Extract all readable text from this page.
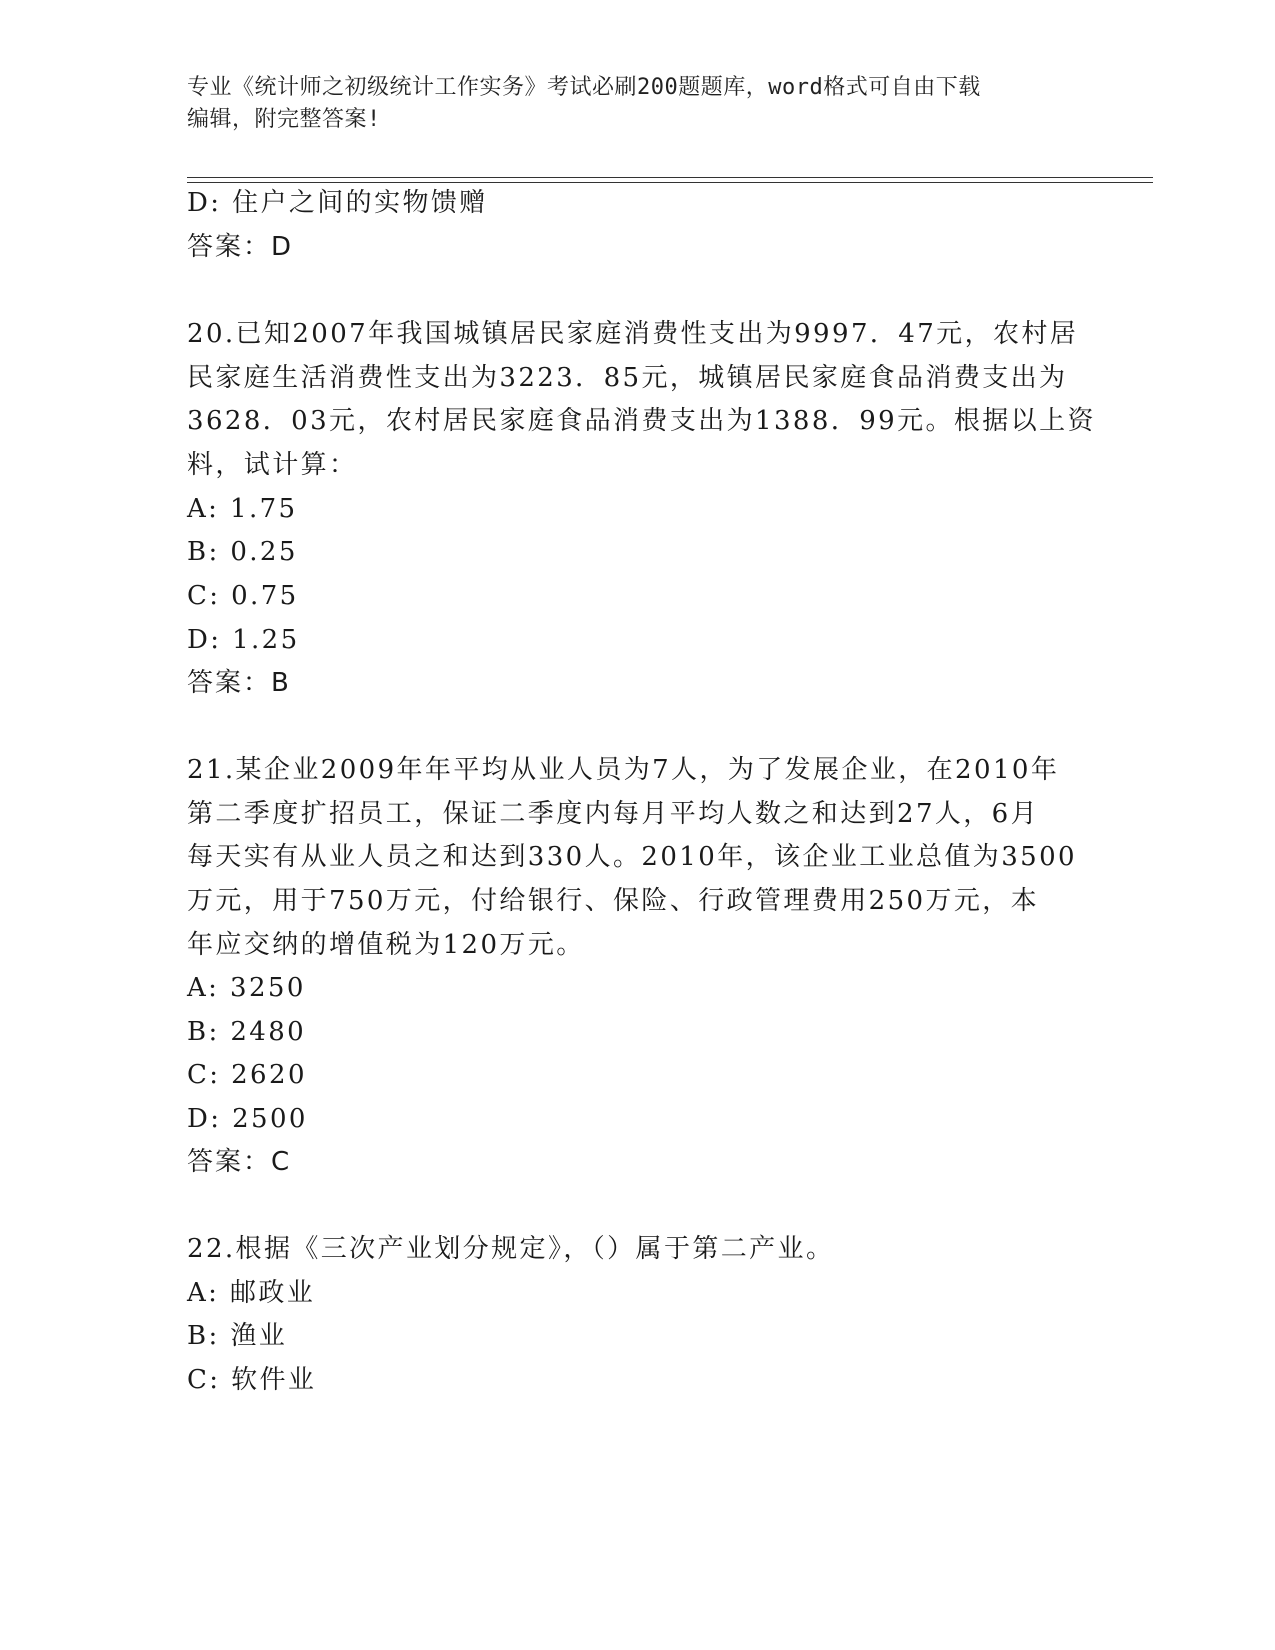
专业《统计师之初级统计工作实务》考试必刷200题题库，word格式可自由下载
编辑，附完整答案!
D: 住户之间的实物馈赠
答案：D
20.已知2007年我国城镇居民家庭消费性支出为9997．47元，农村居
民家庭生活消费性支出为3223．85元，城镇居民家庭食品消费支出为
3628．03元，农村居民家庭食品消费支出为1388．99元。根据以上资
料，试计算：
A: 1.75
B: 0.25
C: 0.75
D: 1.25
答案：B
21.某企业2009年年平均从业人员为7人，为了发展企业，在2010年
第二季度扩招员工，保证二季度内每月平均人数之和达到27人，6月
每天实有从业人员之和达到330人。2010年，该企业工业总值为3500
万元，用于750万元，付给银行、保险、行政管理费用250万元，本
年应交纳的增值税为120万元。
A: 3250
B: 2480
C: 2620
D: 2500
答案：C
22.根据《三次产业划分规定》，（）属于第二产业。
A: 邮政业
B: 渔业
C: 软件业
